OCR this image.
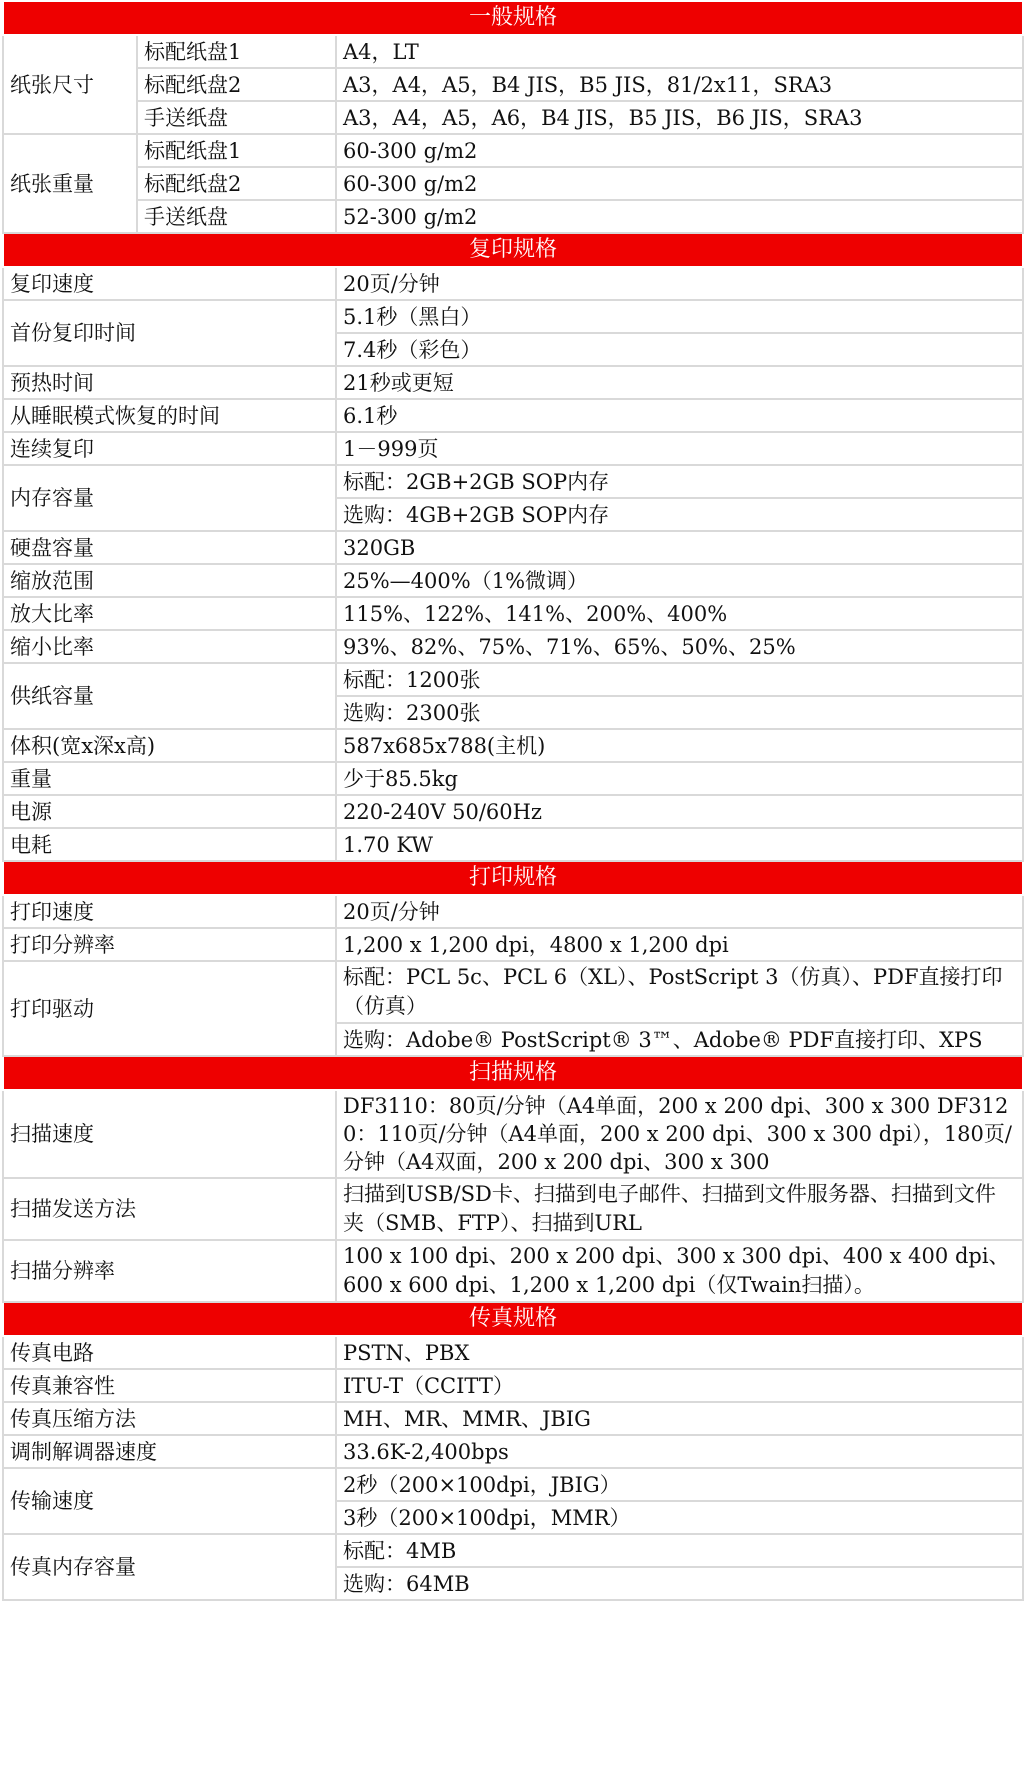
一般规格		
纸张尺寸	标配纸盘1	A4，LT
	标配纸盘2	A3，A4，A5，B4 JIS，B5 JIS，81/2x11，SRA3
	手送纸盘	A3，A4，A5，A6，B4 JIS，B5 JIS，B6 JIS，SRA3
纸张重量	标配纸盘1	60-300 g/m2
	标配纸盘2	60-300 g/m2
	手送纸盘	52-300 g/m2
复印规格		
复印速度		20页/分钟
首份复印时间		5.1秒（黑白）
		7.4秒（彩色）
预热时间		21秒或更短
从睡眠模式恢复的时间		6.1秒
连续复印		1－999页
内存容量		标配：2GB+2GB SOP内存
		选购：4GB+2GB SOP内存
硬盘容量		320GB
缩放范围		25%—400%（1%微调）
放大比率		115%、122%、141%、200%、400%
缩小比率		93%、82%、75%、71%、65%、50%、25%
供纸容量		标配：1200张
		选购：2300张
体积(宽x深x高)		587x685x788(主机)
重量		少于85.5kg
电源		220-240V 50/60Hz
电耗		1.70 KW
打印规格		
打印速度		20页/分钟
打印分辨率		1,200 x 1,200 dpi，4800 x 1,200 dpi
打印驱动		标配：PCL 5c、PCL 6（XL）、PostScript 3（仿真）、PDF直接打印（仿真）
		选购：Adobe® PostScript® 3™、Adobe® PDF直接打印、XPS
扫描规格		
扫描速度		DF3110：80页/分钟（A4单面，200 x 200 dpi、300 x 300 DF3120：110页/分钟（A4单面，200 x 200 dpi、300 x 300 dpi），180页/分钟（A4双面，200 x 200 dpi、300 x 300

扫描发送方法		扫描到USB/SD卡、扫描到电子邮件、扫描到文件服务器、扫描到文件夹（SMB、FTP）、扫描到URL
扫描分辨率		100 x 100 dpi、200 x 200 dpi、300 x 300 dpi、400 x 400 dpi、600 x 600 dpi、1,200 x 1,200 dpi（仅Twain扫描）。
传真规格		
传真电路		PSTN、PBX
传真兼容性		ITU-T（CCITT）
传真压缩方法		MH、MR、MMR、JBIG
调制解调器速度		33.6K-2,400bps
传输速度		2秒（200×100dpi，JBIG）
		3秒（200×100dpi，MMR）
传真内存容量		标配：4MB
		选购：64MB
